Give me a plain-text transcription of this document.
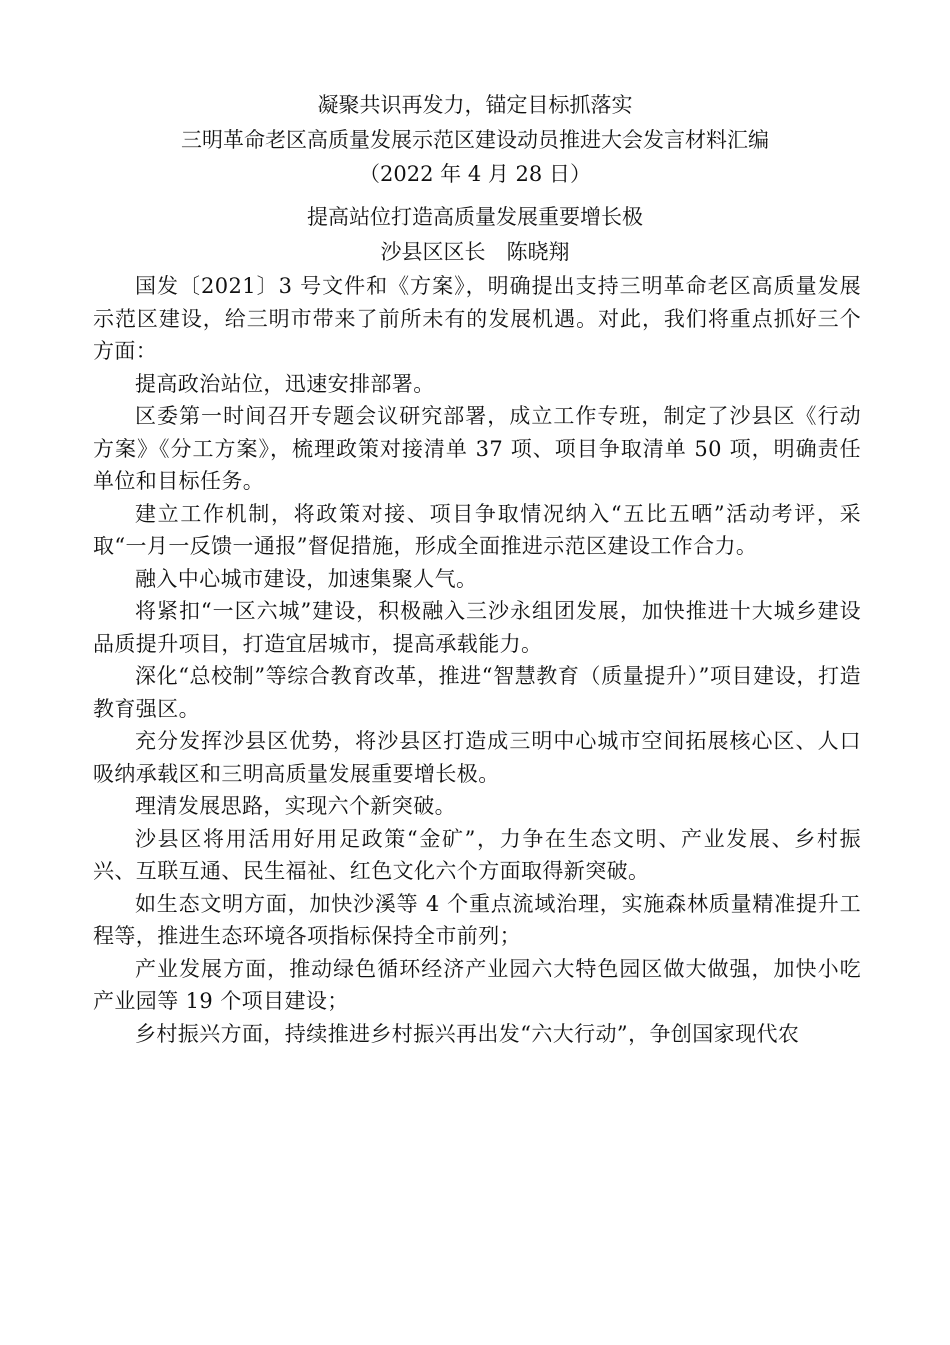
凝聚共识再发力，锚定目标抓落实
三明革命老区高质量发展示范区建设动员推进大会发言材料汇编
（2022 年 4 月 28 日）
提高站位打造高质量发展重要增长极
沙县区区长　陈晓翔

国发〔2021〕3 号文件和《方案》，明确提出支持三明革命老区高质量发展示范区建设，给三明市带来了前所未有的发展机遇。对此，我们将重点抓好三个方面：

提高政治站位，迅速安排部署。

区委第一时间召开专题会议研究部署，成立工作专班，制定了沙县区《行动方案》《分工方案》，梳理政策对接清单 37 项、项目争取清单 50 项，明确责任单位和目标任务。

建立工作机制，将政策对接、项目争取情况纳入“五比五晒”活动考评，采取“一月一反馈一通报”督促措施，形成全面推进示范区建设工作合力。

融入中心城市建设，加速集聚人气。

将紧扣“一区六城”建设，积极融入三沙永组团发展，加快推进十大城乡建设品质提升项目，打造宜居城市，提高承载能力。

深化“总校制”等综合教育改革，推进“智慧教育（质量提升）”项目建设，打造教育强区。

充分发挥沙县区优势，将沙县区打造成三明中心城市空间拓展核心区、人口吸纳承载区和三明高质量发展重要增长极。

理清发展思路，实现六个新突破。

沙县区将用活用好用足政策“金矿”，力争在生态文明、产业发展、乡村振兴、互联互通、民生福祉、红色文化六个方面取得新突破。

如生态文明方面，加快沙溪等 4 个重点流域治理，实施森林质量精准提升工程等，推进生态环境各项指标保持全市前列；

产业发展方面，推动绿色循环经济产业园六大特色园区做大做强，加快小吃产业园等 19 个项目建设；

乡村振兴方面，持续推进乡村振兴再出发“六大行动”，争创国家现代农
